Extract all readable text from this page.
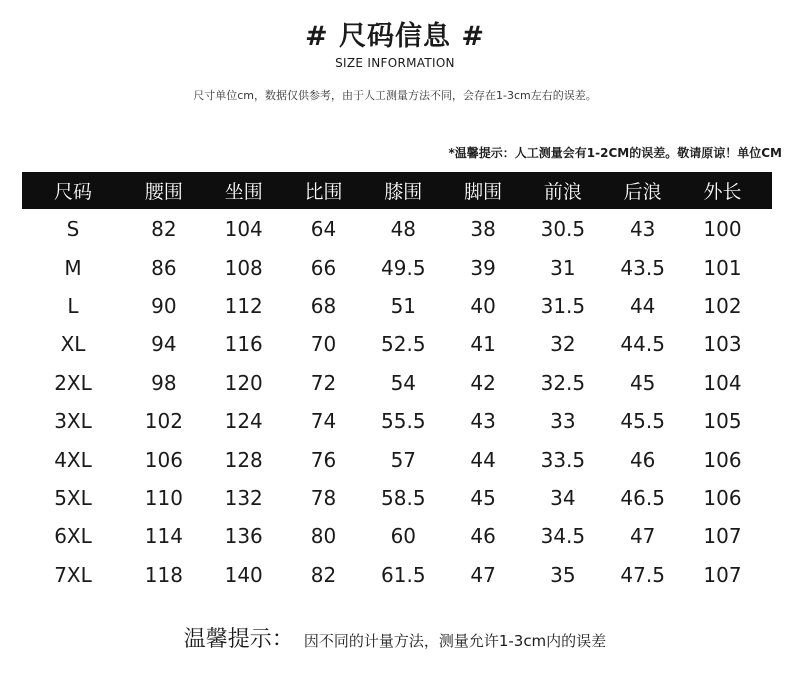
# 尺码信息 #
SIZE INFORMATION
尺寸单位cm，数据仅供参考，由于人工测量方法不同，会存在1-3cm左右的误差。
*温馨提示：人工测量会有1-2CM的误差。敬请原谅！单位CM
尺码	腰围	坐围	比围	膝围	脚围	前浪	后浪	外长
S	82	104	64	48	38	30.5	43	100
M	86	108	66	49.5	39	31	43.5	101
L	90	112	68	51	40	31.5	44	102
XL	94	116	70	52.5	41	32	44.5	103
2XL	98	120	72	54	42	32.5	45	104
3XL	102	124	74	55.5	43	33	45.5	105
4XL	106	128	76	57	44	33.5	46	106
5XL	110	132	78	58.5	45	34	46.5	106
6XL	114	136	80	60	46	34.5	47	107
7XL	118	140	82	61.5	47	35	47.5	107
温馨提示： 因不同的计量方法，测量允许1-3cm内的误差
